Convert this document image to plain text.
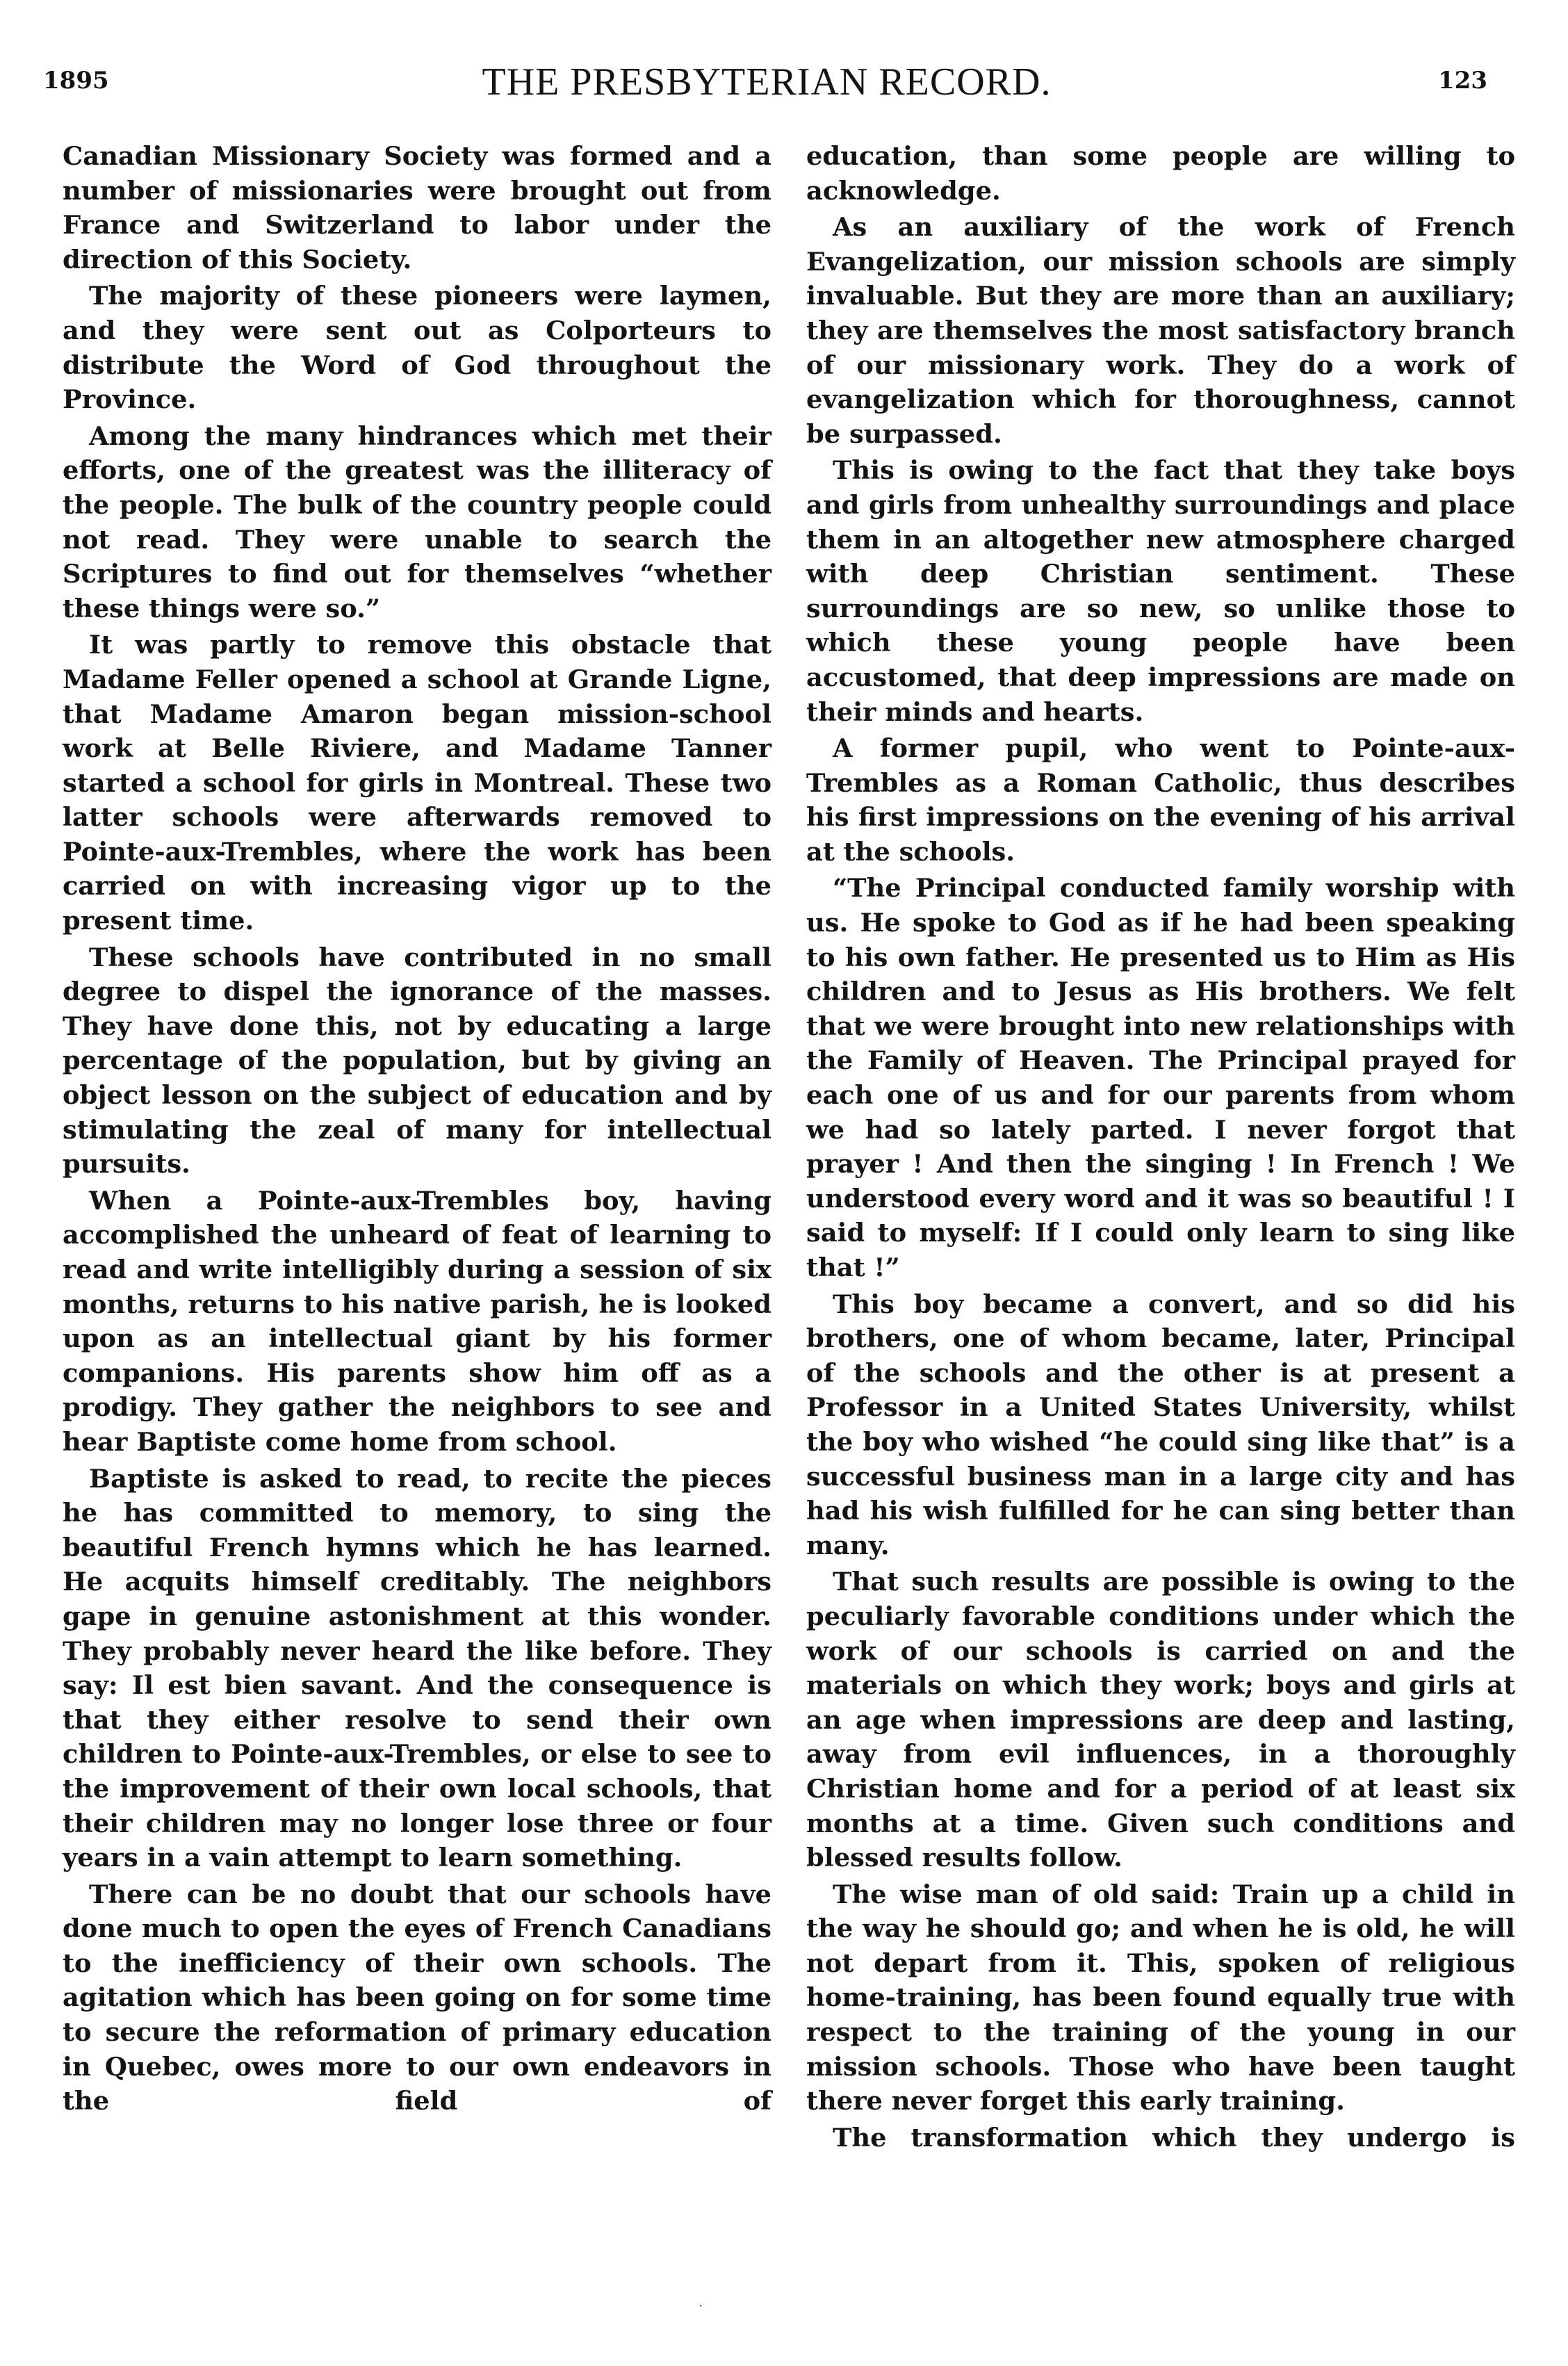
1895	THE PRESBYTERIAN RECORD.	123

Canadian Missionary Society was formed and a number of missionaries were brought out from France and Switzerland to labor under the direction of this Society.

The majority of these pioneers were laymen, and they were sent out as Colporteurs to distribute the Word of God throughout the Province.

Among the many hindrances which met their efforts, one of the greatest was the illiteracy of the people. The bulk of the country people could not read. They were unable to search the Scriptures to find out for themselves “whether these things were so.”

It was partly to remove this obstacle that Madame Feller opened a school at Grande Ligne, that Madame Amaron began mission-school work at Belle Riviere, and Madame Tanner started a school for girls in Montreal. These two latter schools were afterwards removed to Pointe-aux-Trembles, where the work has been carried on with increasing vigor up to the present time.

These schools have contributed in no small degree to dispel the ignorance of the masses. They have done this, not by educating a large percentage of the population, but by giving an object lesson on the subject of education and by stimulating the zeal of many for intellectual pursuits.

When a Pointe-aux-Trembles boy, having accomplished the unheard of feat of learning to read and write intelligibly during a session of six months, returns to his native parish, he is looked upon as an intellectual giant by his former companions. His parents show him off as a prodigy. They gather the neighbors to see and hear Baptiste come home from school.

Baptiste is asked to read, to recite the pieces he has committed to memory, to sing the beautiful French hymns which he has learned. He acquits himself creditably. The neighbors gape in genuine astonishment at this wonder. They probably never heard the like before. They say: Il est bien savant. And the consequence is that they either resolve to send their own children to Pointe-aux-Trembles, or else to see to the improvement of their own local schools, that their children may no longer lose three or four years in a vain attempt to learn something.

There can be no doubt that our schools have done much to open the eyes of French Canadians to the inefficiency of their own schools. The agitation which has been going on for some time to secure the reformation of primary education in Quebec, owes more to our own endeavors in the field of

education, than some people are willing to acknowledge.

As an auxiliary of the work of French Evangelization, our mission schools are simply invaluable. But they are more than an auxiliary; they are themselves the most satisfactory branch of our missionary work. They do a work of evangelization which for thoroughness, cannot be surpassed.

This is owing to the fact that they take boys and girls from unhealthy surroundings and place them in an altogether new atmosphere charged with deep Christian sentiment. These surroundings are so new, so unlike those to which these young people have been accustomed, that deep impressions are made on their minds and hearts.

A former pupil, who went to Pointe-aux-Trembles as a Roman Catholic, thus describes his first impressions on the evening of his arrival at the schools.

“The Principal conducted family worship with us. He spoke to God as if he had been speaking to his own father. He presented us to Him as His children and to Jesus as His brothers. We felt that we were brought into new relationships with the Family of Heaven. The Principal prayed for each one of us and for our parents from whom we had so lately parted. I never forgot that prayer ! And then the singing ! In French ! We understood every word and it was so beautiful ! I said to myself: If I could only learn to sing like that !”

This boy became a convert, and so did his brothers, one of whom became, later, Principal of the schools and the other is at present a Professor in a United States University, whilst the boy who wished “he could sing like that” is a successful business man in a large city and has had his wish fulfilled for he can sing better than many.

That such results are possible is owing to the peculiarly favorable conditions under which the work of our schools is carried on and the materials on which they work; boys and girls at an age when impressions are deep and lasting, away from evil influences, in a thoroughly Christian home and for a period of at least six months at a time. Given such conditions and blessed results follow.

The wise man of old said: Train up a child in the way he should go; and when he is old, he will not depart from it. This, spoken of religious home-training, has been found equally true with respect to the training of the young in our mission schools. Those who have been taught there never forget this early training.

The transformation which they undergo is

·
